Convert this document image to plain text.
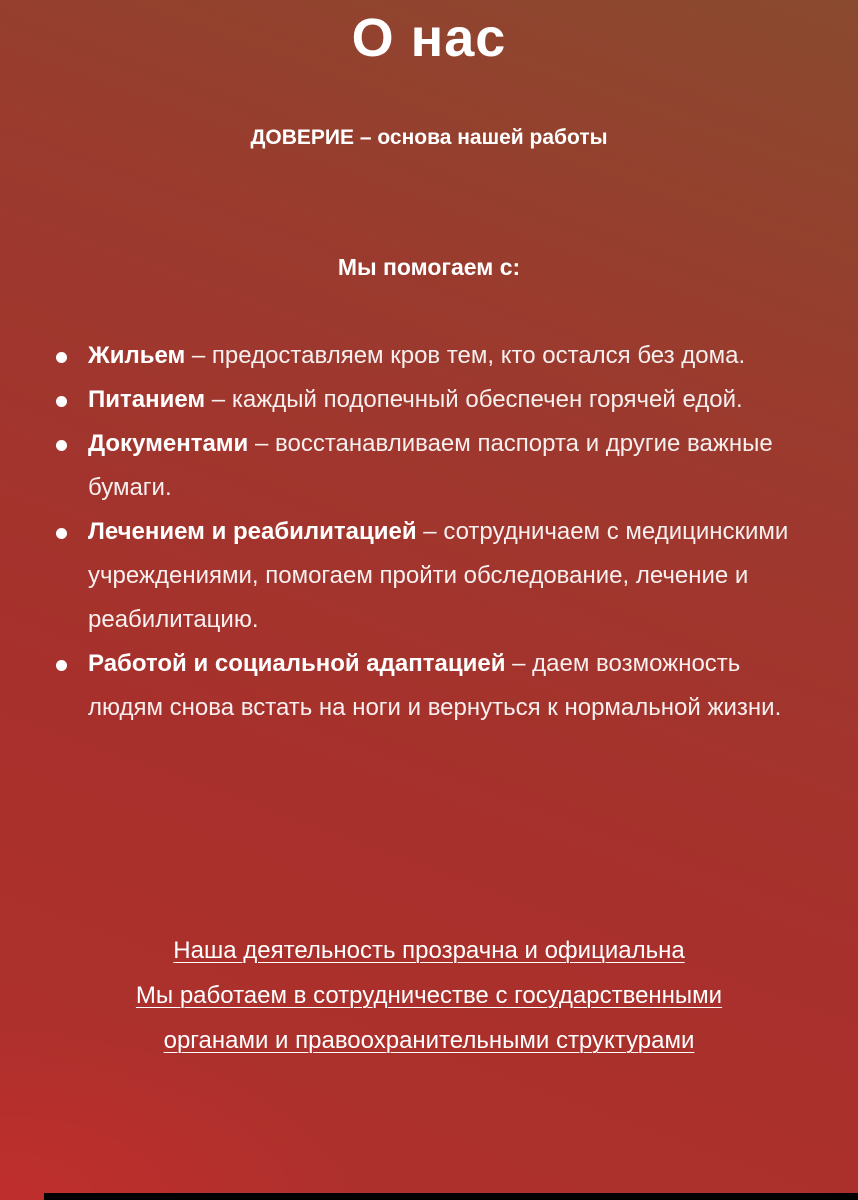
О нас
ДОВЕРИЕ – основа нашей работы
Мы помогаем с:
Жильем – предоставляем кров тем, кто остался без дома.
Питанием – каждый подопечный обеспечен горячей едой.
Документами – восстанавливаем паспорта и другие важные бумаги.
Лечением и реабилитацией – сотрудничаем с медицинскими учреждениями, помогаем пройти обследование, лечение и реабилитацию.
Работой и социальной адаптацией – даем возможность людям снова встать на ноги и вернуться к нормальной жизни.
Наша деятельность прозрачна и официальна
Мы работаем в сотрудничестве с государственными
органами и правоохранительными структурами
